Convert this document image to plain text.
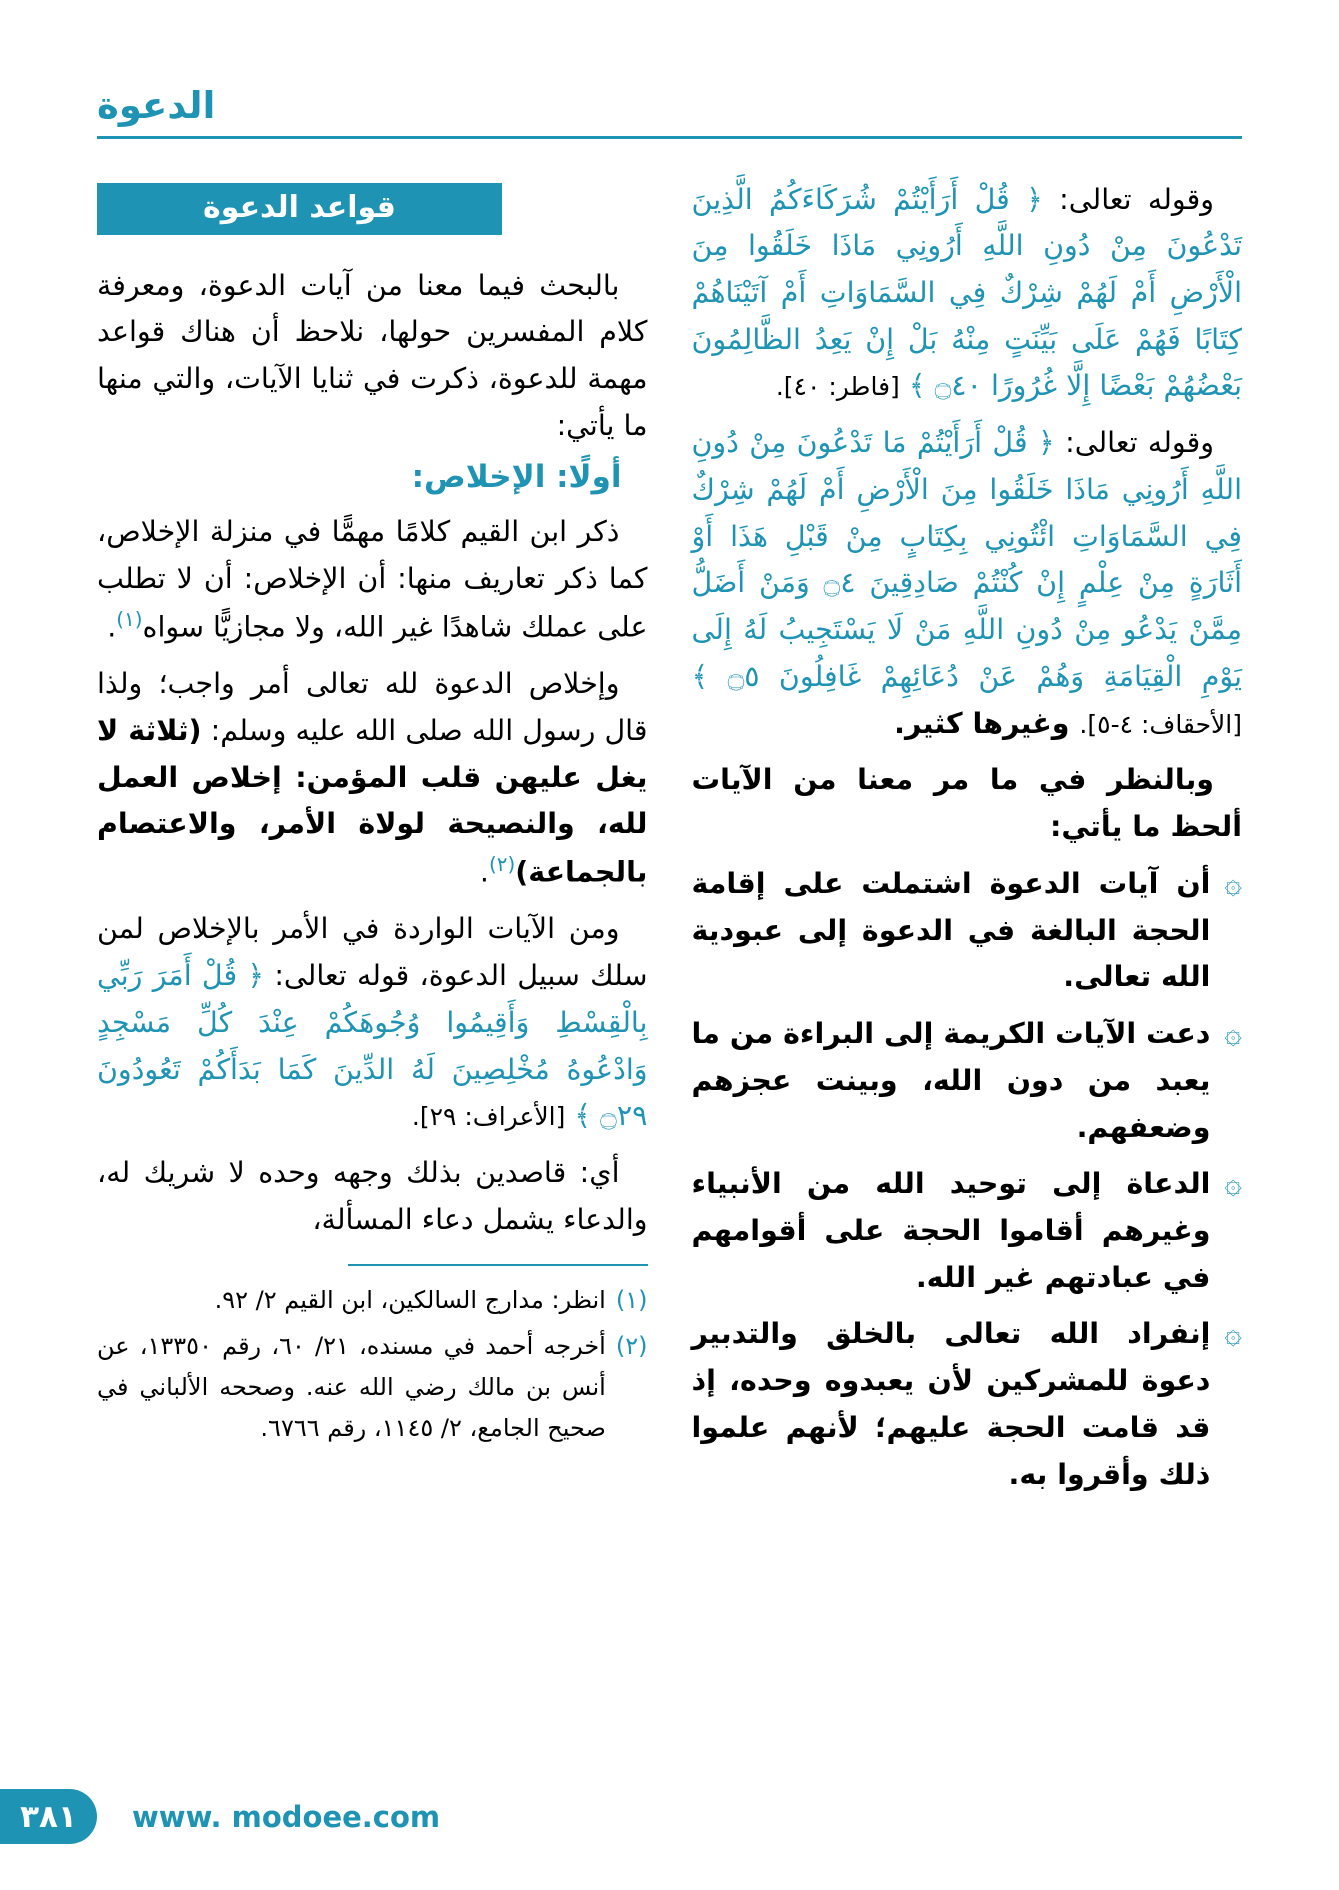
الدعوة

وقوله تعالى: ﴿ قُلْ أَرَأَيْتُمْ شُرَكَاءَكُمُ الَّذِينَ تَدْعُونَ مِنْ دُونِ اللَّهِ أَرُونِي مَاذَا خَلَقُوا مِنَ الْأَرْضِ أَمْ لَهُمْ شِرْكٌ فِي السَّمَاوَاتِ أَمْ آتَيْنَاهُمْ كِتَابًا فَهُمْ عَلَى بَيِّنَتٍ مِنْهُ بَلْ إِنْ يَعِدُ الظَّالِمُونَ بَعْضُهُمْ بَعْضًا إِلَّا غُرُورًا ۝٤٠ ﴾ [فاطر: ٤٠].

وقوله تعالى: ﴿ قُلْ أَرَأَيْتُمْ مَا تَدْعُونَ مِنْ دُونِ اللَّهِ أَرُونِي مَاذَا خَلَقُوا مِنَ الْأَرْضِ أَمْ لَهُمْ شِرْكٌ فِي السَّمَاوَاتِ ائْتُونِي بِكِتَابٍ مِنْ قَبْلِ هَذَا أَوْ أَثَارَةٍ مِنْ عِلْمٍ إِنْ كُنْتُمْ صَادِقِينَ ۝٤ وَمَنْ أَضَلُّ مِمَّنْ يَدْعُو مِنْ دُونِ اللَّهِ مَنْ لَا يَسْتَجِيبُ لَهُ إِلَى يَوْمِ الْقِيَامَةِ وَهُمْ عَنْ دُعَائِهِمْ غَافِلُونَ ۝٥ ﴾ [الأحقاف: ٤-٥]. وغيرها كثير.

وبالنظر في ما مر معنا من الآيات ألحظ ما يأتي:

۞
أن آيات الدعوة اشتملت على إقامة الحجة البالغة في الدعوة إلى عبودية الله تعالى.
۞
دعت الآيات الكريمة إلى البراءة من ما يعبد من دون الله، وبينت عجزهم وضعفهم.
۞
الدعاة إلى توحيد الله من الأنبياء وغيرهم أقاموا الحجة على أقوامهم في عبادتهم غير الله.
۞
إنفراد الله تعالى بالخلق والتدبير دعوة للمشركين لأن يعبدوه وحده، إذ قد قامت الحجة عليهم؛ لأنهم علموا ذلك وأقروا به.
قواعد الدعوة

بالبحث فيما معنا من آيات الدعوة، ومعرفة كلام المفسرين حولها، نلاحظ أن هناك قواعد مهمة للدعوة، ذكرت في ثنايا الآيات، والتي منها ما يأتي:

أولًا: الإخلاص:

ذكر ابن القيم كلامًا مهمًّا في منزلة الإخلاص، كما ذكر تعاريف منها: أن الإخلاص: أن لا تطلب على عملك شاهدًا غير الله، ولا مجازيًّا سواه$^{(١)}$.

وإخلاص الدعوة لله تعالى أمر واجب؛ ولذا قال رسول الله صلى الله عليه وسلم: (ثلاثة لا يغل عليهن قلب المؤمن: إخلاص العمل لله، والنصيحة لولاة الأمر، والاعتصام بالجماعة)$^{(٢)}$.

ومن الآيات الواردة في الأمر بالإخلاص لمن سلك سبيل الدعوة، قوله تعالى: ﴿ قُلْ أَمَرَ رَبِّي بِالْقِسْطِ وَأَقِيمُوا وُجُوهَكُمْ عِنْدَ كُلِّ مَسْجِدٍ وَادْعُوهُ مُخْلِصِينَ لَهُ الدِّينَ كَمَا بَدَأَكُمْ تَعُودُونَ ۝٢٩ ﴾ [الأعراف: ٢٩].

أي: قاصدين بذلك وجهه وحده لا شريك له، والدعاء يشمل دعاء المسألة،

(١)
انظر: مدارج السالكين، ابن القيم ٢/ ٩٢.
(٢)
أخرجه أحمد في مسنده، ٢١/ ٦٠، رقم ١٣٣٥٠، عن أنس بن مالك رضي الله عنه. وصححه الألباني في صحيح الجامع، ٢/ ١١٤٥، رقم ٦٧٦٦.
٣٨١ www. modoee.com
